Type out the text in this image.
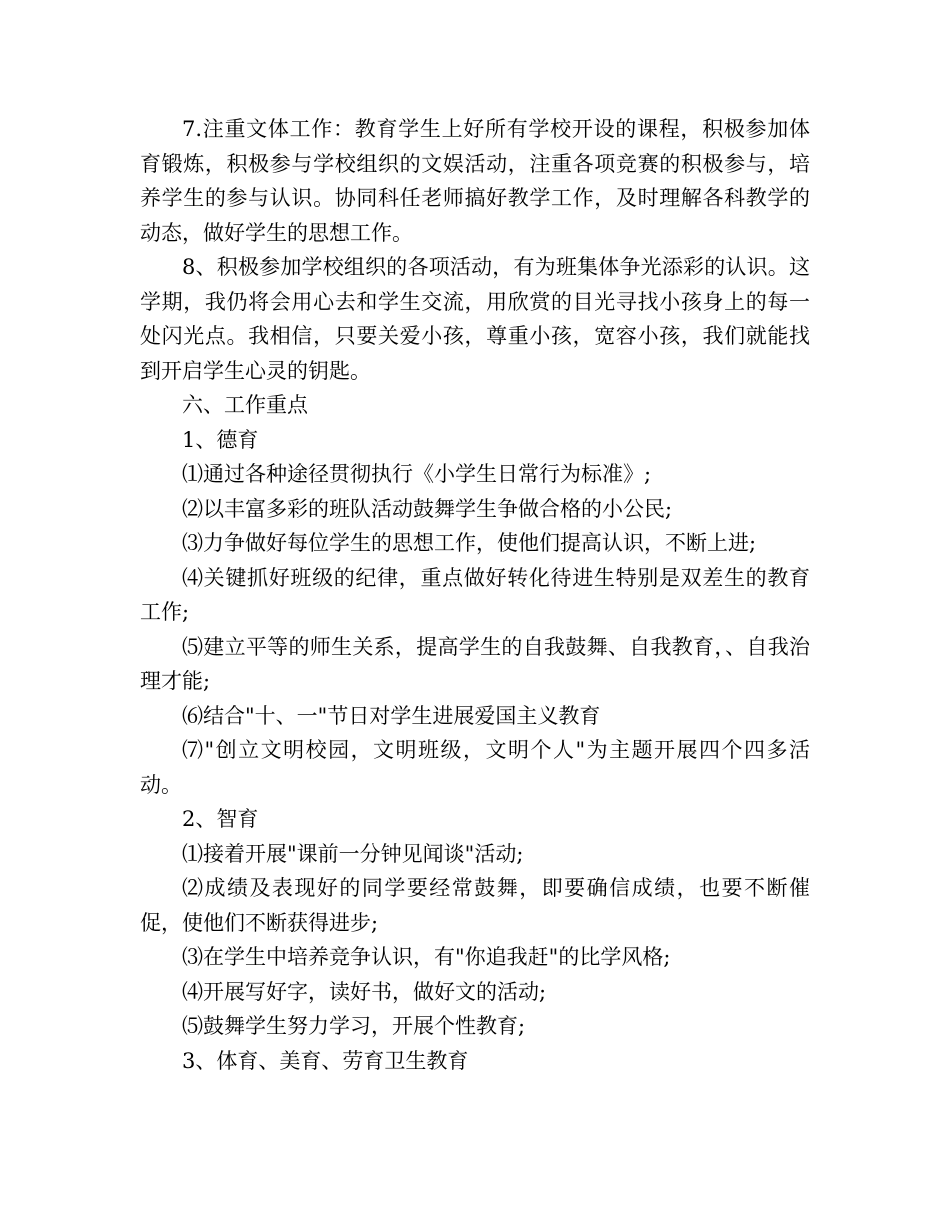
7.注重文体工作：教育学生上好所有学校开设的课程，积极参加体育锻炼，积极参与学校组织的文娱活动，注重各项竞赛的积极参与，培养学生的参与认识。协同科任老师搞好教学工作，及时理解各科教学的动态，做好学生的思想工作。

8、积极参加学校组织的各项活动，有为班集体争光添彩的认识。这学期，我仍将会用心去和学生交流，用欣赏的目光寻找小孩身上的每一处闪光点。我相信，只要关爱小孩，尊重小孩，宽容小孩，我们就能找到开启学生心灵的钥匙。

六、工作重点

1、德育

⑴通过各种途径贯彻执行《小学生日常行为标准》;

⑵以丰富多彩的班队活动鼓舞学生争做合格的小公民;

⑶力争做好每位学生的思想工作，使他们提高认识，不断上进;

⑷关键抓好班级的纪律，重点做好转化待进生特别是双差生的教育工作;

⑸建立平等的师生关系，提高学生的自我鼓舞、自我教育，、自我治理才能;

⑹结合"十、一"节日对学生进展爱国主义教育

⑺"创立文明校园，文明班级，文明个人"为主题开展四个四多活动。

2、智育

⑴接着开展"课前一分钟见闻谈"活动;

⑵成绩及表现好的同学要经常鼓舞，即要确信成绩，也要不断催促，使他们不断获得进步;

⑶在学生中培养竞争认识，有"你追我赶"的比学风格;

⑷开展写好字，读好书，做好文的活动;

⑸鼓舞学生努力学习，开展个性教育;

3、体育、美育、劳育卫生教育
